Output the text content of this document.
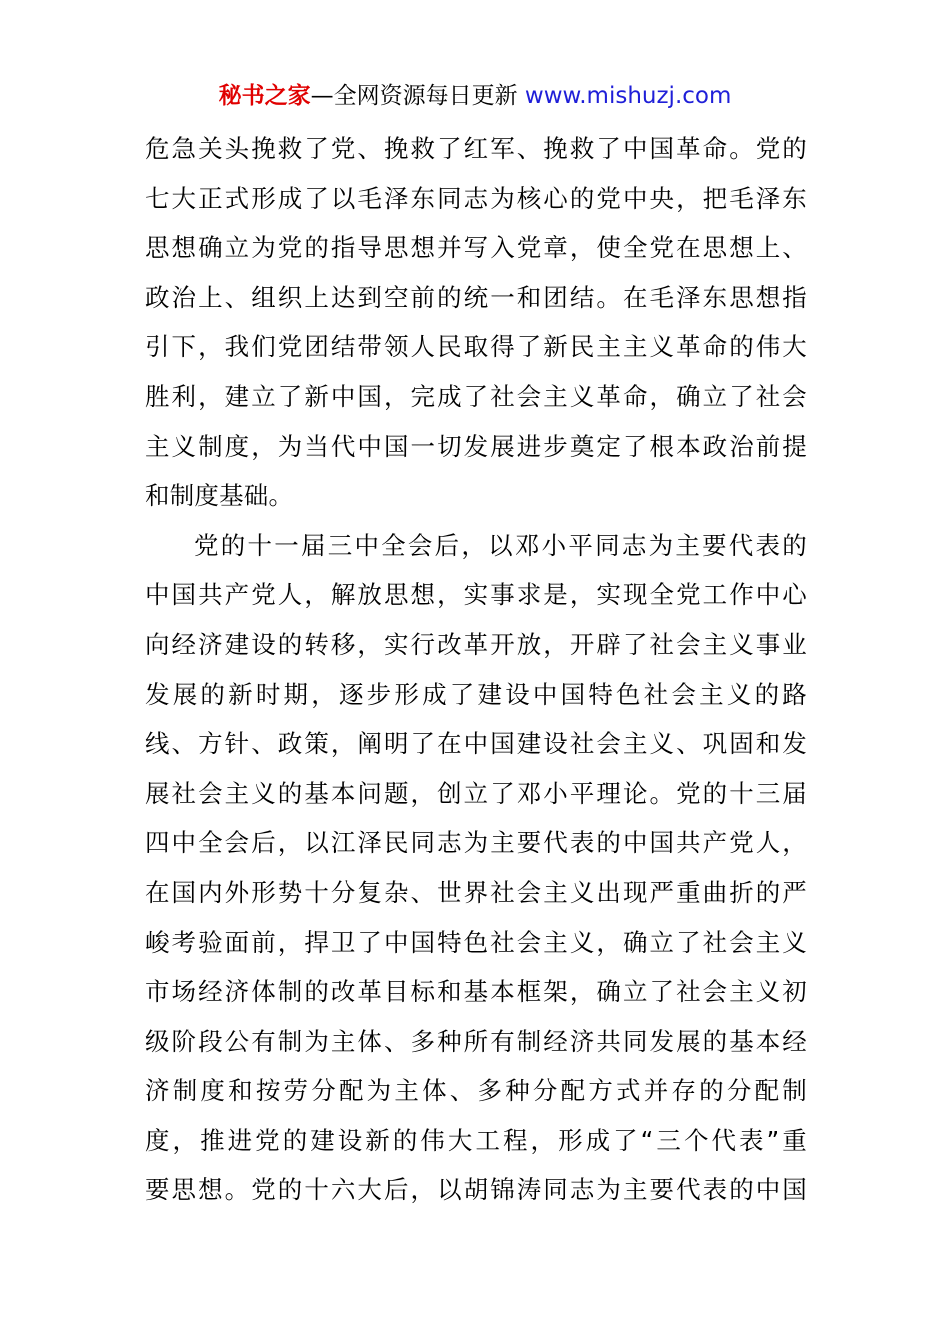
秘书之家—全网资源每日更新 www.mishuzj.com
危急关头挽救了党、挽救了红军、挽救了中国革命。党的
七大正式形成了以毛泽东同志为核心的党中央，把毛泽东
思想确立为党的指导思想并写入党章，使全党在思想上、
政治上、组织上达到空前的统一和团结。在毛泽东思想指
引下，我们党团结带领人民取得了新民主主义革命的伟大
胜利，建立了新中国，完成了社会主义革命，确立了社会
主义制度，为当代中国一切发展进步奠定了根本政治前提
和制度基础。
党的十一届三中全会后，以邓小平同志为主要代表的
中国共产党人，解放思想，实事求是，实现全党工作中心
向经济建设的转移，实行改革开放，开辟了社会主义事业
发展的新时期，逐步形成了建设中国特色社会主义的路
线、方针、政策，阐明了在中国建设社会主义、巩固和发
展社会主义的基本问题，创立了邓小平理论。党的十三届
四中全会后，以江泽民同志为主要代表的中国共产党人，
在国内外形势十分复杂、世界社会主义出现严重曲折的严
峻考验面前，捍卫了中国特色社会主义，确立了社会主义
市场经济体制的改革目标和基本框架，确立了社会主义初
级阶段公有制为主体、多种所有制经济共同发展的基本经
济制度和按劳分配为主体、多种分配方式并存的分配制
度，推进党的建设新的伟大工程，形成了“三个代表”重
要思想。党的十六大后，以胡锦涛同志为主要代表的中国
